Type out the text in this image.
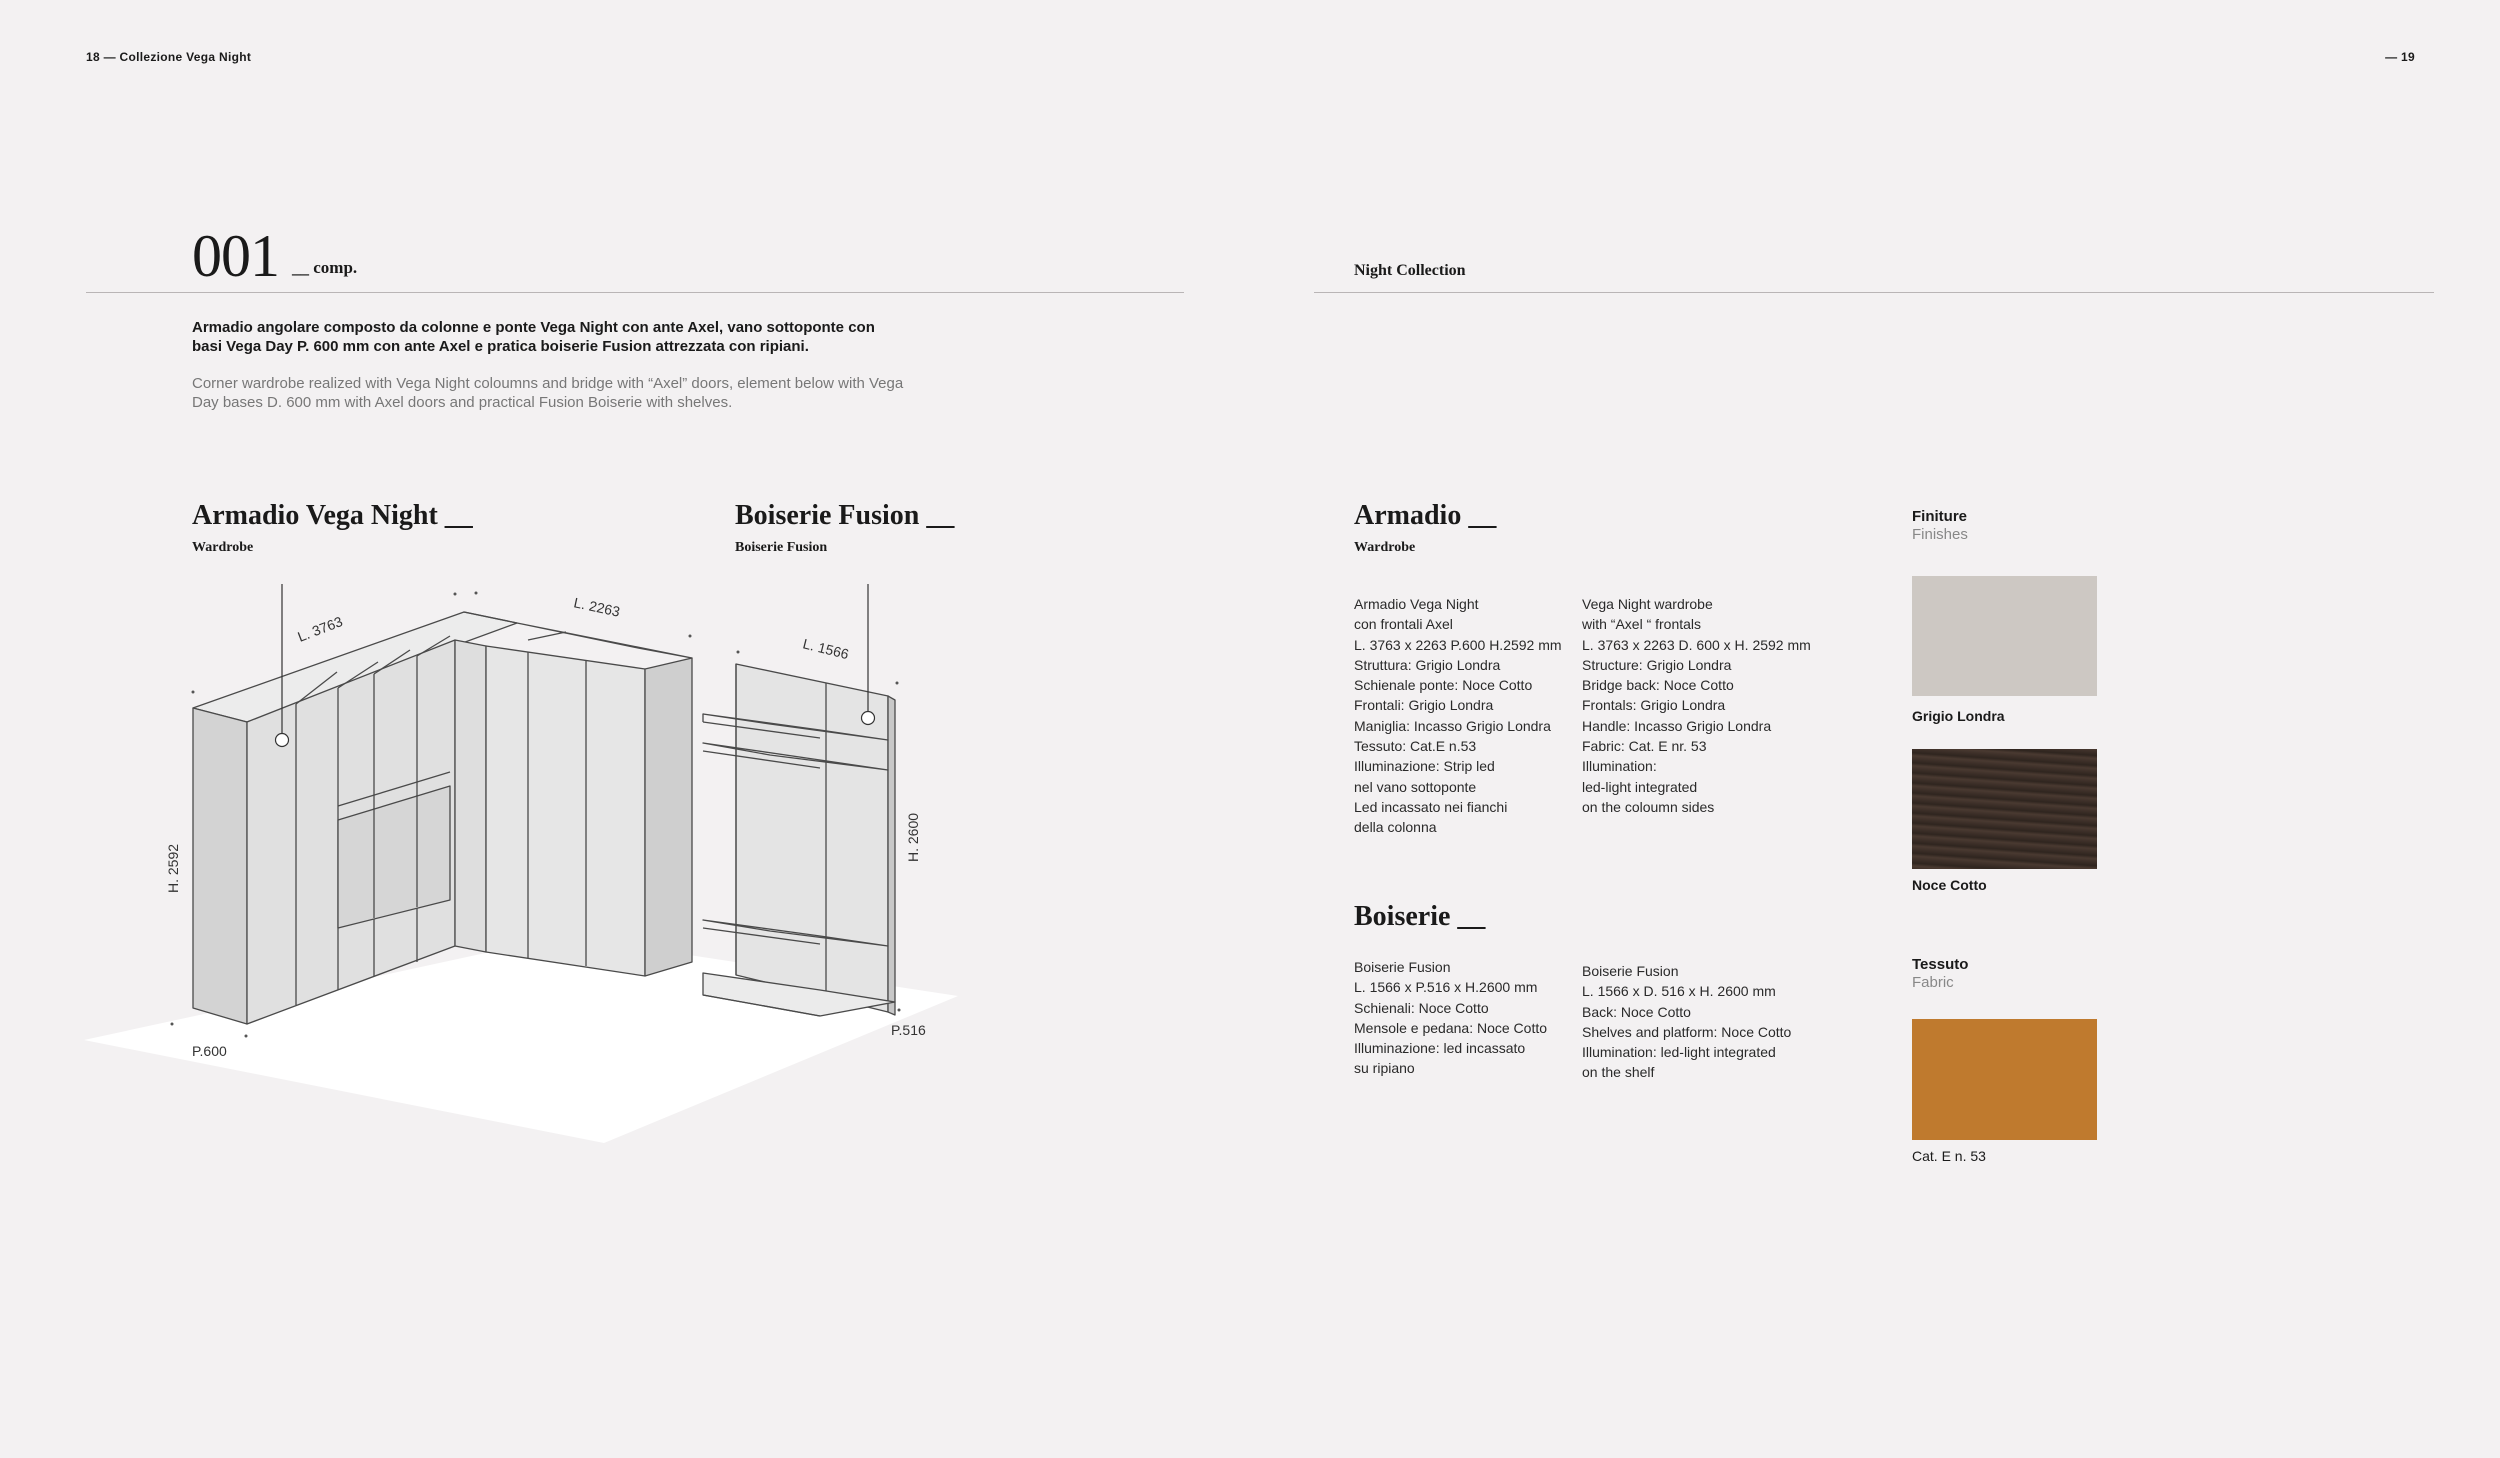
18 — Collezione Vega Night	— 19
001 __ comp.	Night Collection
Armadio angolare composto da colonne e ponte Vega Night con ante Axel, vano sottoponte con basi Vega Day P. 600 mm con ante Axel e pratica boiserie Fusion attrezzata con ripiani.
Corner wardrobe realized with Vega Night coloumns and bridge with “Axel” doors, element below with Vega Day bases D. 600 mm with Axel doors and practical Fusion Boiserie with shelves.
Armadio Vega Night __
Wardrobe
Boiserie Fusion __
Boiserie Fusion
L. 3763
L. 2263
H. 2592
P.600
L. 1566
H. 2600
P.516
Armadio __
Wardrobe
Armadio Vega Night
con frontali Axel
L. 3763 x 2263 P.600 H.2592 mm
Struttura: Grigio Londra
Schienale ponte: Noce Cotto
Frontali: Grigio Londra
Maniglia: Incasso Grigio Londra
Tessuto: Cat.E n.53
Illuminazione: Strip led
nel vano sottoponte
Led incassato nei fianchi
della colonna
Vega Night wardrobe
with “Axel “ frontals
L. 3763 x 2263 D. 600 x H. 2592 mm
Structure: Grigio Londra
Bridge back: Noce Cotto
Frontals: Grigio Londra
Handle: Incasso Grigio Londra
Fabric: Cat. E nr. 53
Illumination:
led-light integrated
on the coloumn sides
Boiserie __
Boiserie Fusion
L. 1566 x P.516 x H.2600 mm
Schienali: Noce Cotto
Mensole e pedana: Noce Cotto
Illuminazione: led incassato
su ripiano
Boiserie Fusion
L. 1566 x D. 516 x H. 2600 mm
Back: Noce Cotto
Shelves and platform: Noce Cotto
Illumination: led-light integrated
on the shelf
Finiture
Finishes
Grigio Londra
Noce Cotto
Tessuto
Fabric
Cat. E n. 53
